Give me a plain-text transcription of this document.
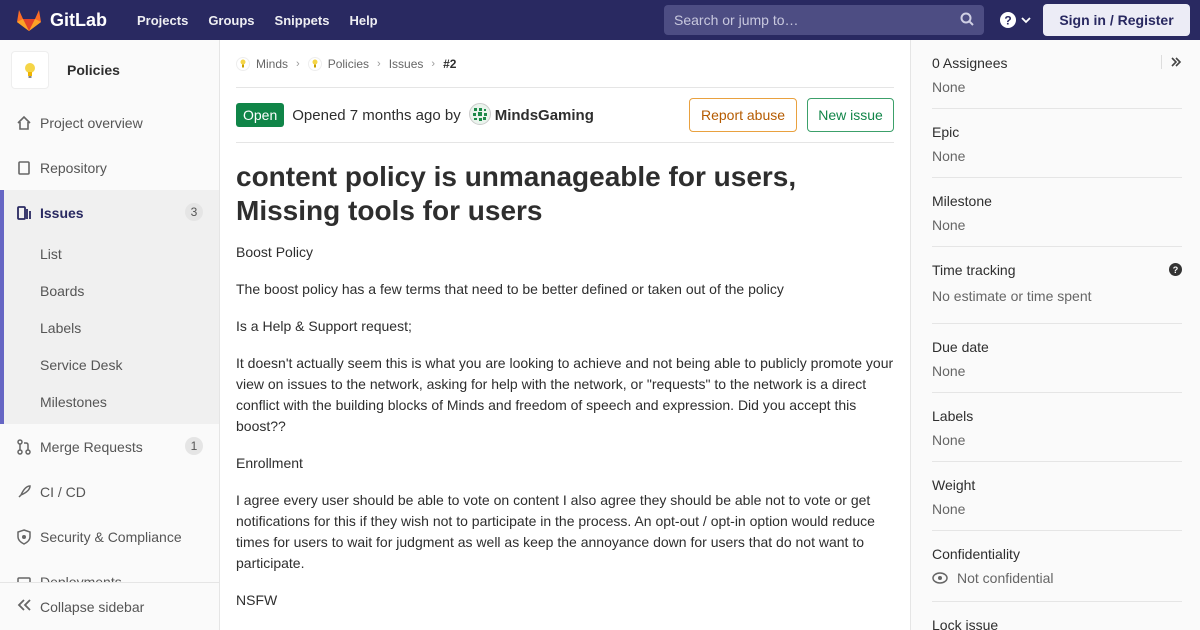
GitLab Projects Groups Snippets Help
Search or jump to…	?	Sign in / Register
Policies
Project overview
Repository
Issues	3
List
Boards
Labels
Service Desk
Milestones
Merge Requests	1
CI / CD
Security & Compliance
Collapse sidebar
Minds › Policies › Issues › #2
Open	Opened 7 months ago by MindsGaming	Report abuse	New issue
content policy is unmanageable for users, Missing tools for users

Boost Policy

The boost policy has a few terms that need to be better defined or taken out of the policy

Is a Help & Support request;

It doesn't actually seem this is what you are looking to achieve and not being able to publicly promote your view on issues to the network, asking for help with the network, or "requests" to the network is a direct conflict with the building blocks of Minds and freedom of speech and expression. Did you accept this boost??

Enrollment

I agree every user should be able to vote on content I also agree they should be able not to vote or get notifications for this if they wish not to participate in the process. An opt-out / opt-in option would reduce times for users to wait for judgment as well as keep the annoyance down for users that do not want to participate.

NSFW

0 Assignees
None
Epic
None
Milestone
None
Time tracking
No estimate or time spent
?
Due date
None
Labels
None
Weight
None
Confidentiality
Not confidential
Lock issue
